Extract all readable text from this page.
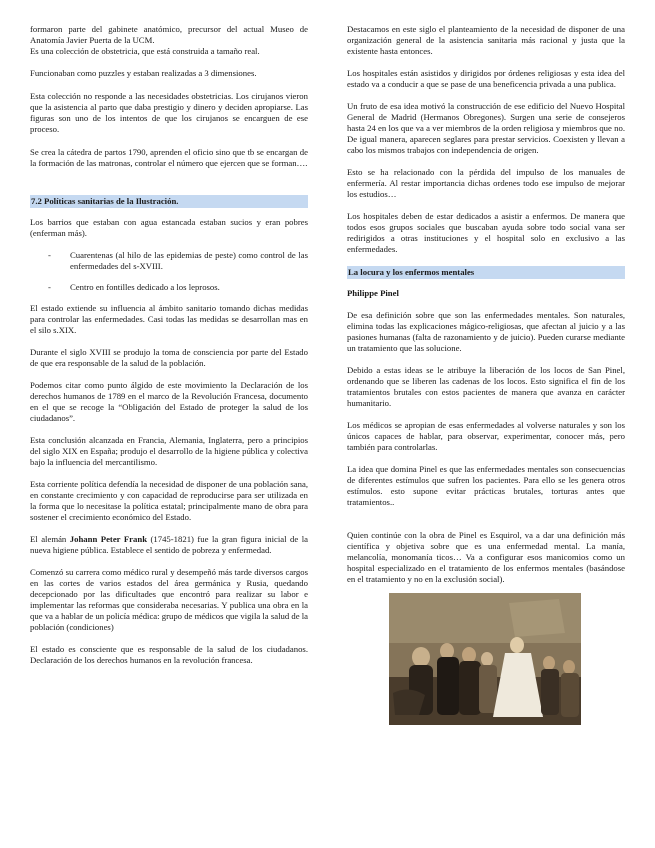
formaron parte del gabinete anatómico, precursor del actual Museo de Anatomía Javier Puerta de la UCM.

Es una colección de obstetricia, que está construida a tamaño real.

Funcionaban como puzzles y estaban realizadas a 3 dimensiones.

Esta colección no responde a las necesidades obstetricias. Los cirujanos vieron que la asistencia al parto que daba prestigio y dinero y deciden apropiarse. Las figuras son uno de los intentos de que los cirujanos se encarguen de ese proceso.

Se crea la cátedra de partos 1790, aprenden el oficio sino que tb se encargan de la formación de las matronas, controlar el número que ejercen que se forman….

7.2 Políticas sanitarias de la Ilustración.

Los barrios que estaban con agua estancada estaban sucios y eran pobres (enferman más).

- Cuarentenas (al hilo de las epidemias de peste) como control de las enfermedades del s-XVIII.
- Centro en fontilles dedicado a los leprosos.

El estado extiende su influencia al ámbito sanitario tomando dichas medidas para controlar las enfermedades. Casi todas las medidas se desarrollan mas en el silo s.XIX.

Durante el siglo XVIII se produjo la toma de consciencia por parte del Estado de que era responsable de la salud de la población.

Podemos citar como punto álgido de este movimiento la Declaración de los derechos humanos de 1789 en el marco de la Revolución Francesa, documento en el que se recoge la “Obligación del Estado de proteger la salud de los ciudadanos”.

Esta conclusión alcanzada en Francia, Alemania, Inglaterra, pero a principios del siglo XIX en España; produjo el desarrollo de la higiene pública y colectiva bajo la influencia del mercantilismo.

Esta corriente política defendía la necesidad de disponer de una población sana, en constante crecimiento y con capacidad de reproducirse para ser utilizada en la forma que lo necesitase la política estatal; principalmente mano de obra para sostener el crecimiento económico del Estado.

El alemán Johann Peter Frank (1745-1821) fue la gran figura inicial de la nueva higiene pública. Establece el sentido de pobreza y enfermedad.

Comenzó su carrera como médico rural y desempeñó más tarde diversos cargos en las cortes de varios estados del área germánica y Rusia, quedando decepcionado por las dificultades que encontró para realizar su labor e implementar las reformas que consideraba necesarias. Y publica una obra en la que va a hablar de un policía médica: grupo de médicos que vigila la salud de la población (condiciones)

El estado es consciente que es responsable de la salud de los ciudadanos. Declaración de los derechos humanos en la revolución francesa.

Destacamos en este siglo el planteamiento de la necesidad de disponer de una organización general de la asistencia sanitaria más racional y justa que la existente hasta entonces.

Los hospitales están asistidos y dirigidos por órdenes religiosas y esta idea del estado va a conducir a que se pase de una beneficencia privada a una publica.

Un fruto de esa idea motivó la construcción de ese edificio del Nuevo Hospital General de Madrid (Hermanos Obregones). Surgen una serie de consejeros hasta 24 en los que va a ver miembros de la orden religiosa y miembros que no. De igual manera, aparecen seglares para prestar servicios. Coexisten y llevan a cabo los mismos trabajos con independencia de origen.

Esto se ha relacionado con la pérdida del impulso de los manuales de enfermería. Al restar importancia dichas ordenes todo ese impulso de mejorar los estudios…

Los hospitales deben de estar dedicados a asistir a enfermos. De manera que todos esos grupos sociales que buscaban ayuda sobre todo social vana ser redirigidos a otras instituciones y el hospital solo en exclusivo a las enfermedades.

La locura y los enfermos mentales

Philippe Pinel

De esa definición sobre que son las enfermedades mentales. Son naturales, elimina todas las explicaciones mágico-religiosas, que afectan al juicio y a las pasiones humanas (falta de razonamiento y de juicio). Pueden curarse mediante un tratamiento que las solucione.

Debido a estas ideas se le atribuye la liberación de los locos de San Pinel, ordenando que se liberen las cadenas de los locos. Esto significa el fin de los tratamientos brutales con estos pacientes de manera que avanza en carácter humanitario.

Los médicos se apropian de esas enfermedades al volverse naturales y son los únicos capaces de hablar, para observar, experimentar, conocer más, pero también para controlarlas.

La idea que domina Pinel es que las enfermedades mentales son consecuencias de diferentes estímulos que sufren los pacientes. Para ello se les genera otros estímulos. esto supone evitar prácticas brutales, torturas antes que tratamientos..

Quien continúe con la obra de Pinel es Esquirol, va a dar una definición más científica y objetiva sobre que es una enfermedad mental. La manía, melancolía, monomanía ticos… Va a configurar esos manicomios como un hospital especializado en el tratamiento de los enfermos mentales (basándose en el tratamiento y no en la exclusión social).
